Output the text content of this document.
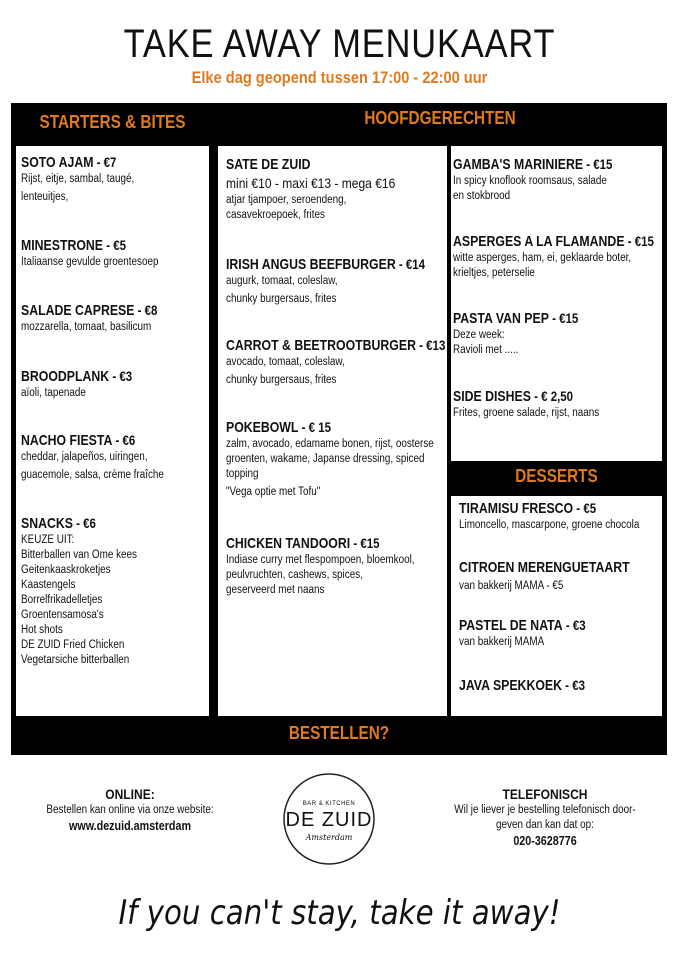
TAKE AWAY MENUKAART
Elke dag geopend tussen 17:00 - 22:00 uur
STARTERS & BITES	HOOFDGERECHTEN
DESSERTS
BESTELLEN?
SOTO AJAM - €7
Rijst, eitje, sambal, taugé,
lenteuitjes,
MINESTRONE - €5
Italiaanse gevulde groentesoep
SALADE CAPRESE - €8
mozzarella, tomaat, basilicum
BROODPLANK - €3
aïoli, tapenade
NACHO FIESTA - €6
cheddar, jalapeños, uiringen,
guacemole, salsa, crème fraîche
SNACKS - €6
KEUZE UIT:
Bitterballen van Ome kees
Geitenkaaskroketjes
Kaastengels
Borrelfrikadelletjes
Groentensamosa's
Hot shots
DE ZUID Fried Chicken
Vegetarsiche bitterballen
SATE DE ZUID
mini €10 - maxi €13 - mega €16
atjar tjampoer, seroendeng,
casavekroepoek, frites
IRISH ANGUS BEEFBURGER - €14
augurk, tomaat, coleslaw,
chunky burgersaus, frites
CARROT & BEETROOTBURGER - €13
avocado, tomaat, coleslaw,
chunky burgersaus, frites
POKEBOWL - € 15
zalm, avocado, edamame bonen, rijst, oosterse
groenten, wakame, Japanse dressing, spiced
topping
"Vega optie met Tofu"
CHICKEN TANDOORI - €15
Indiase curry met flespompoen, bloemkool,
peulvruchten, cashews, spices,
geserveerd met naans
GAMBA'S MARINIERE - €15
In spicy knoflook roomsaus, salade
en stokbrood
ASPERGES A LA FLAMANDE - €15
witte asperges, ham, ei, geklaarde boter,
krieltjes, peterselie
PASTA VAN PEP - €15
Deze week:
Ravioli met .....
SIDE DISHES - € 2,50
Frites, groene salade, rijst, naans
TIRAMISU FRESCO - €5
Limoncello, mascarpone, groene chocola
CITROEN MERENGUETAART
van bakkerij MAMA - €5
PASTEL DE NATA - €3
van bakkerij MAMA
JAVA SPEKKOEK - €3
ONLINE:
Bestellen kan online via onze website:
www.dezuid.amsterdam
TELEFONISCH
Wil je liever je bestelling telefonisch door-
geven dan kan dat op:
020-3628776
BAR & KITCHEN
DE ZUID
Amsterdam
If you can't stay, take it away!
